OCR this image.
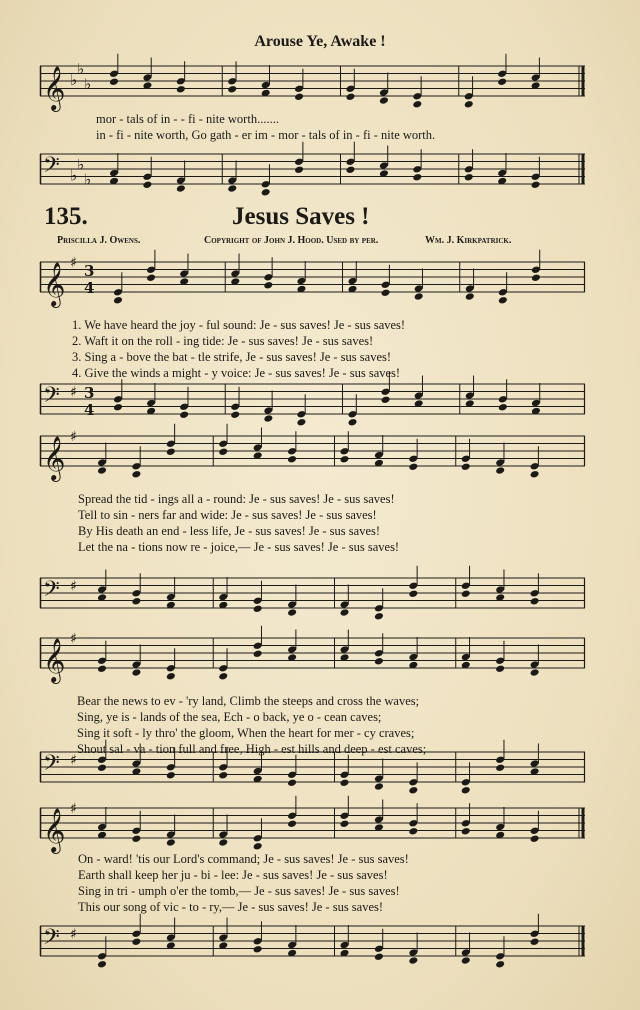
Arouse Ye, Awake !
𝄞 ♭
♭
♭
mor - tals of in - - fi - nite worth.......
in - fi - nite worth, Go gath - er im - mor - tals of in - fi - nite worth.
𝄢 ♭
♭
♭
135.	Jesus Saves !
Priscilla J. Owens.	Copyright of John J. Hood. Used by per.	Wm. J. Kirkpatrick.
𝄞 ♯ 3
4
1. We have heard the joy - ful sound: Je - sus saves! Je - sus saves!
2. Waft it on the roll - ing tide: Je - sus saves! Je - sus saves!
3. Sing a - bove the bat - tle strife, Je - sus saves! Je - sus saves!
4. Give the winds a might - y voice: Je - sus saves! Je - sus saves!
𝄢 ♯ 3
4
𝄞 ♯
Spread the tid - ings all a - round: Je - sus saves! Je - sus saves!
Tell to sin - ners far and wide: Je - sus saves! Je - sus saves!
By His death an end - less life, Je - sus saves! Je - sus saves!
Let the na - tions now re - joice,— Je - sus saves! Je - sus saves!
𝄢 ♯
𝄞 ♯
Bear the news to ev - 'ry land, Climb the steeps and cross the waves;
Sing, ye is - lands of the sea, Ech - o back, ye o - cean caves;
Sing it soft - ly thro' the gloom, When the heart for mer - cy craves;
Shout sal - va - tion full and free, High - est hills and deep - est caves;
𝄢 ♯
𝄞 ♯
On - ward! 'tis our Lord's command; Je - sus saves! Je - sus saves!
Earth shall keep her ju - bi - lee: Je - sus saves! Je - sus saves!
Sing in tri - umph o'er the tomb,— Je - sus saves! Je - sus saves!
This our song of vic - to - ry,— Je - sus saves! Je - sus saves!
𝄢 ♯
